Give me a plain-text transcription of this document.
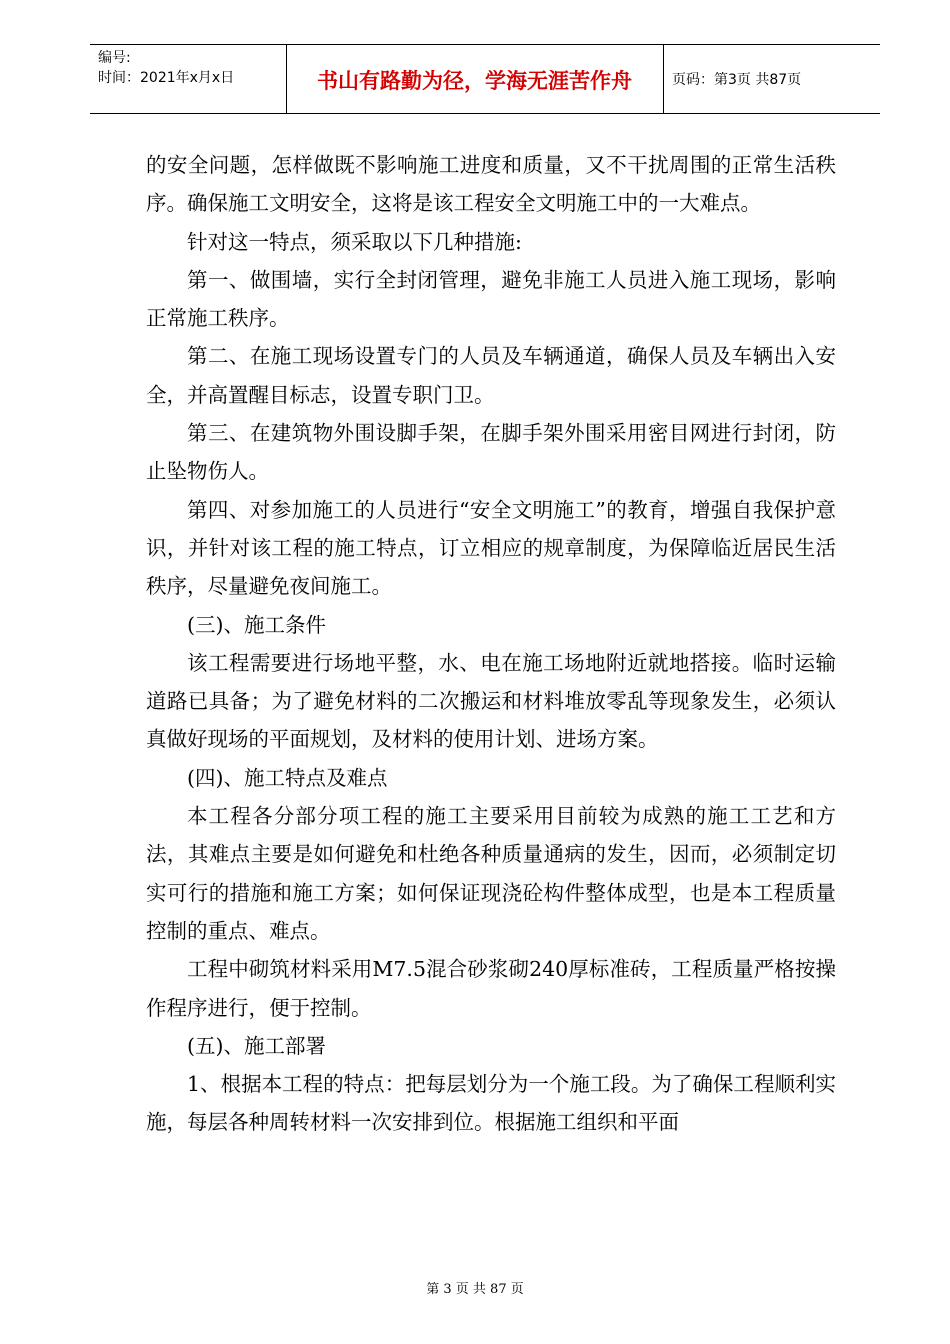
编号:
时间：2021年x月x日	书山有路勤为径，学海无涯苦作舟	页码：第3页 共87页

的安全问题，怎样做既不影响施工进度和质量，又不干扰周围的正常生活秩序。确保施工文明安全，这将是该工程安全文明施工中的一大难点。

针对这一特点，须采取以下几种措施:

第一、做围墙，实行全封闭管理，避免非施工人员进入施工现场，影响正常施工秩序。

第二、在施工现场设置专门的人员及车辆通道，确保人员及车辆出入安全，并高置醒目标志，设置专职门卫。

第三、在建筑物外围设脚手架，在脚手架外围采用密目网进行封闭，防止坠物伤人。

第四、对参加施工的人员进行“安全文明施工”的教育，增强自我保护意识，并针对该工程的施工特点，订立相应的规章制度，为保障临近居民生活秩序，尽量避免夜间施工。

(三)、施工条件

该工程需要进行场地平整，水、电在施工场地附近就地搭接。临时运输道路已具备；为了避免材料的二次搬运和材料堆放零乱等现象发生，必须认真做好现场的平面规划，及材料的使用计划、进场方案。

(四)、施工特点及难点

本工程各分部分项工程的施工主要采用目前较为成熟的施工工艺和方法，其难点主要是如何避免和杜绝各种质量通病的发生，因而，必须制定切实可行的措施和施工方案；如何保证现浇砼构件整体成型，也是本工程质量控制的重点、难点。

工程中砌筑材料采用M7.5混合砂浆砌240厚标准砖，工程质量严格按操作程序进行，便于控制。

(五)、施工部署

1、根据本工程的特点：把每层划分为一个施工段。为了确保工程顺利实施，每层各种周转材料一次安排到位。根据施工组织和平面

第 3 页 共 87 页
